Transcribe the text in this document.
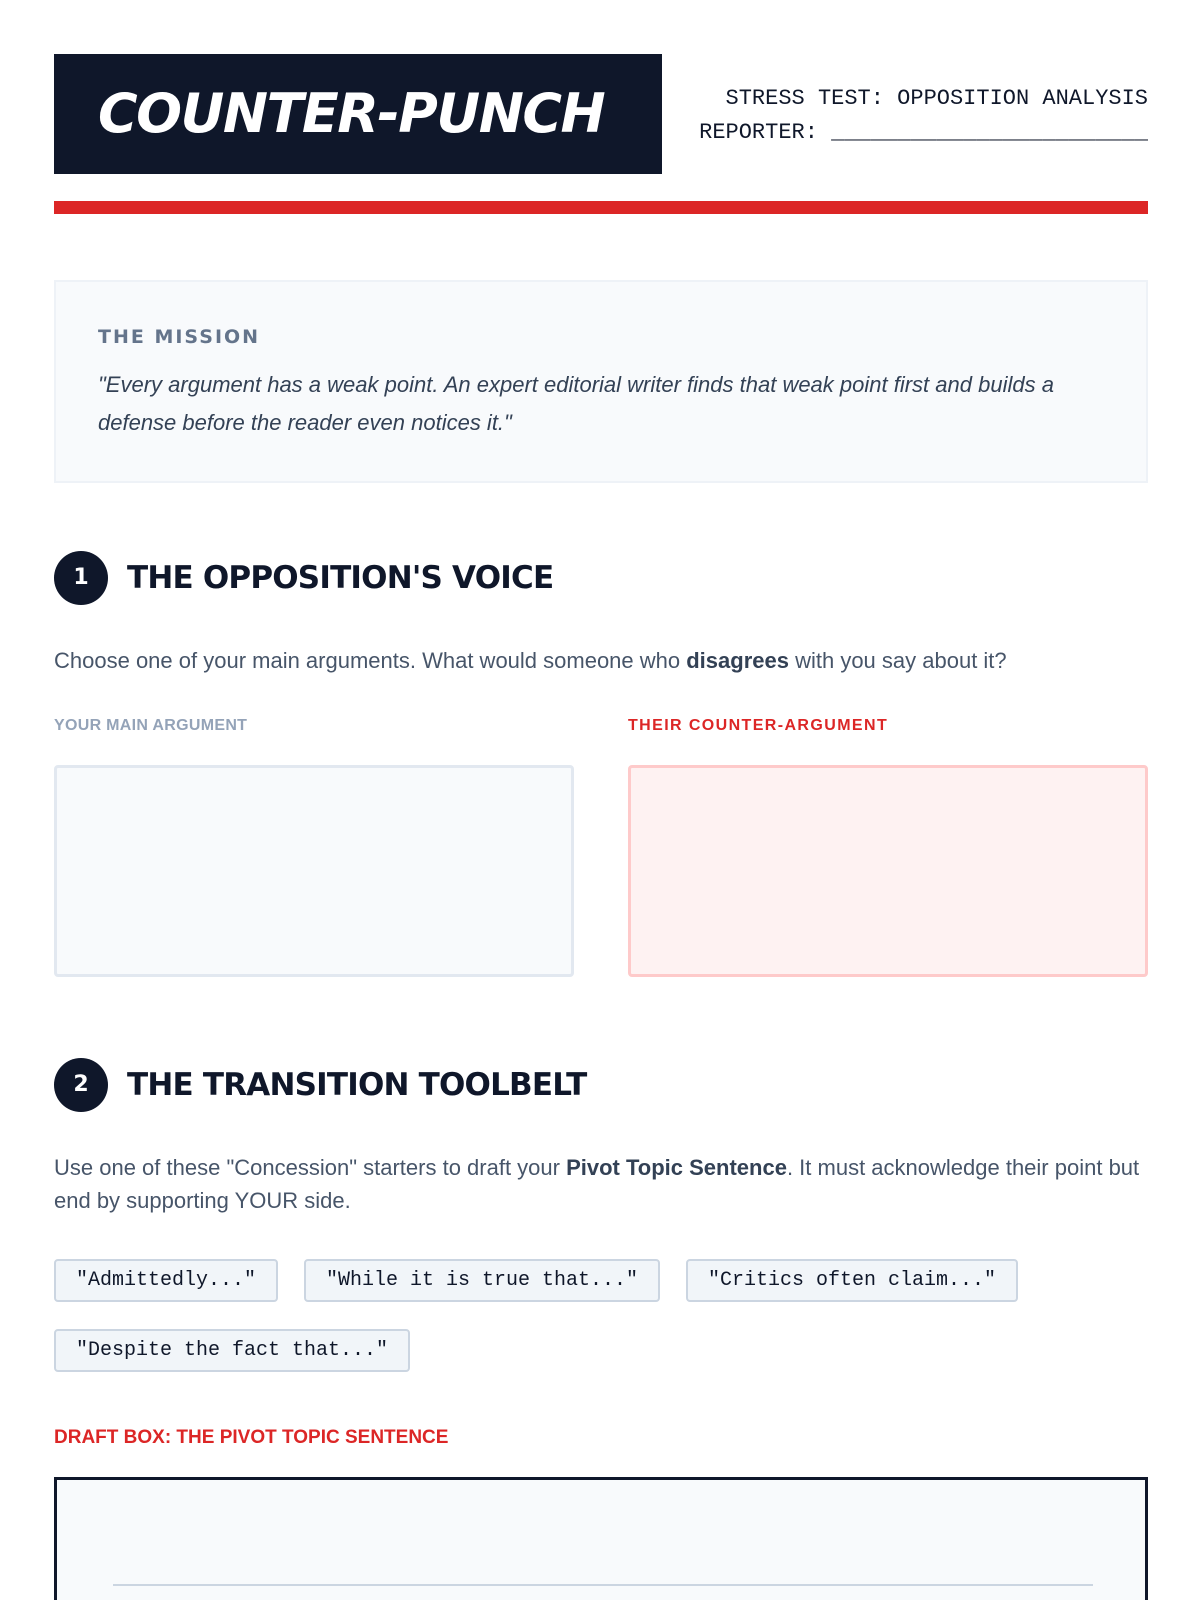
COUNTER-PUNCH	STRESS TEST: OPPOSITION ANALYSIS
REPORTER: ________________________
THE MISSION
"Every argument has a weak point. An expert editorial writer finds that weak point first and builds a defense before the reader even notices it."
1	THE OPPOSITION'S VOICE
Choose one of your main arguments. What would someone who disagrees with you say about it?
YOUR MAIN ARGUMENT	THEIR COUNTER-ARGUMENT
2	THE TRANSITION TOOLBELT
Use one of these "Concession" starters to draft your Pivot Topic Sentence. It must acknowledge their point but end by supporting YOUR side.
"Admittedly..."	"While it is true that..."	"Critics often claim..."
"Despite the fact that..."
DRAFT BOX: THE PIVOT TOPIC SENTENCE
